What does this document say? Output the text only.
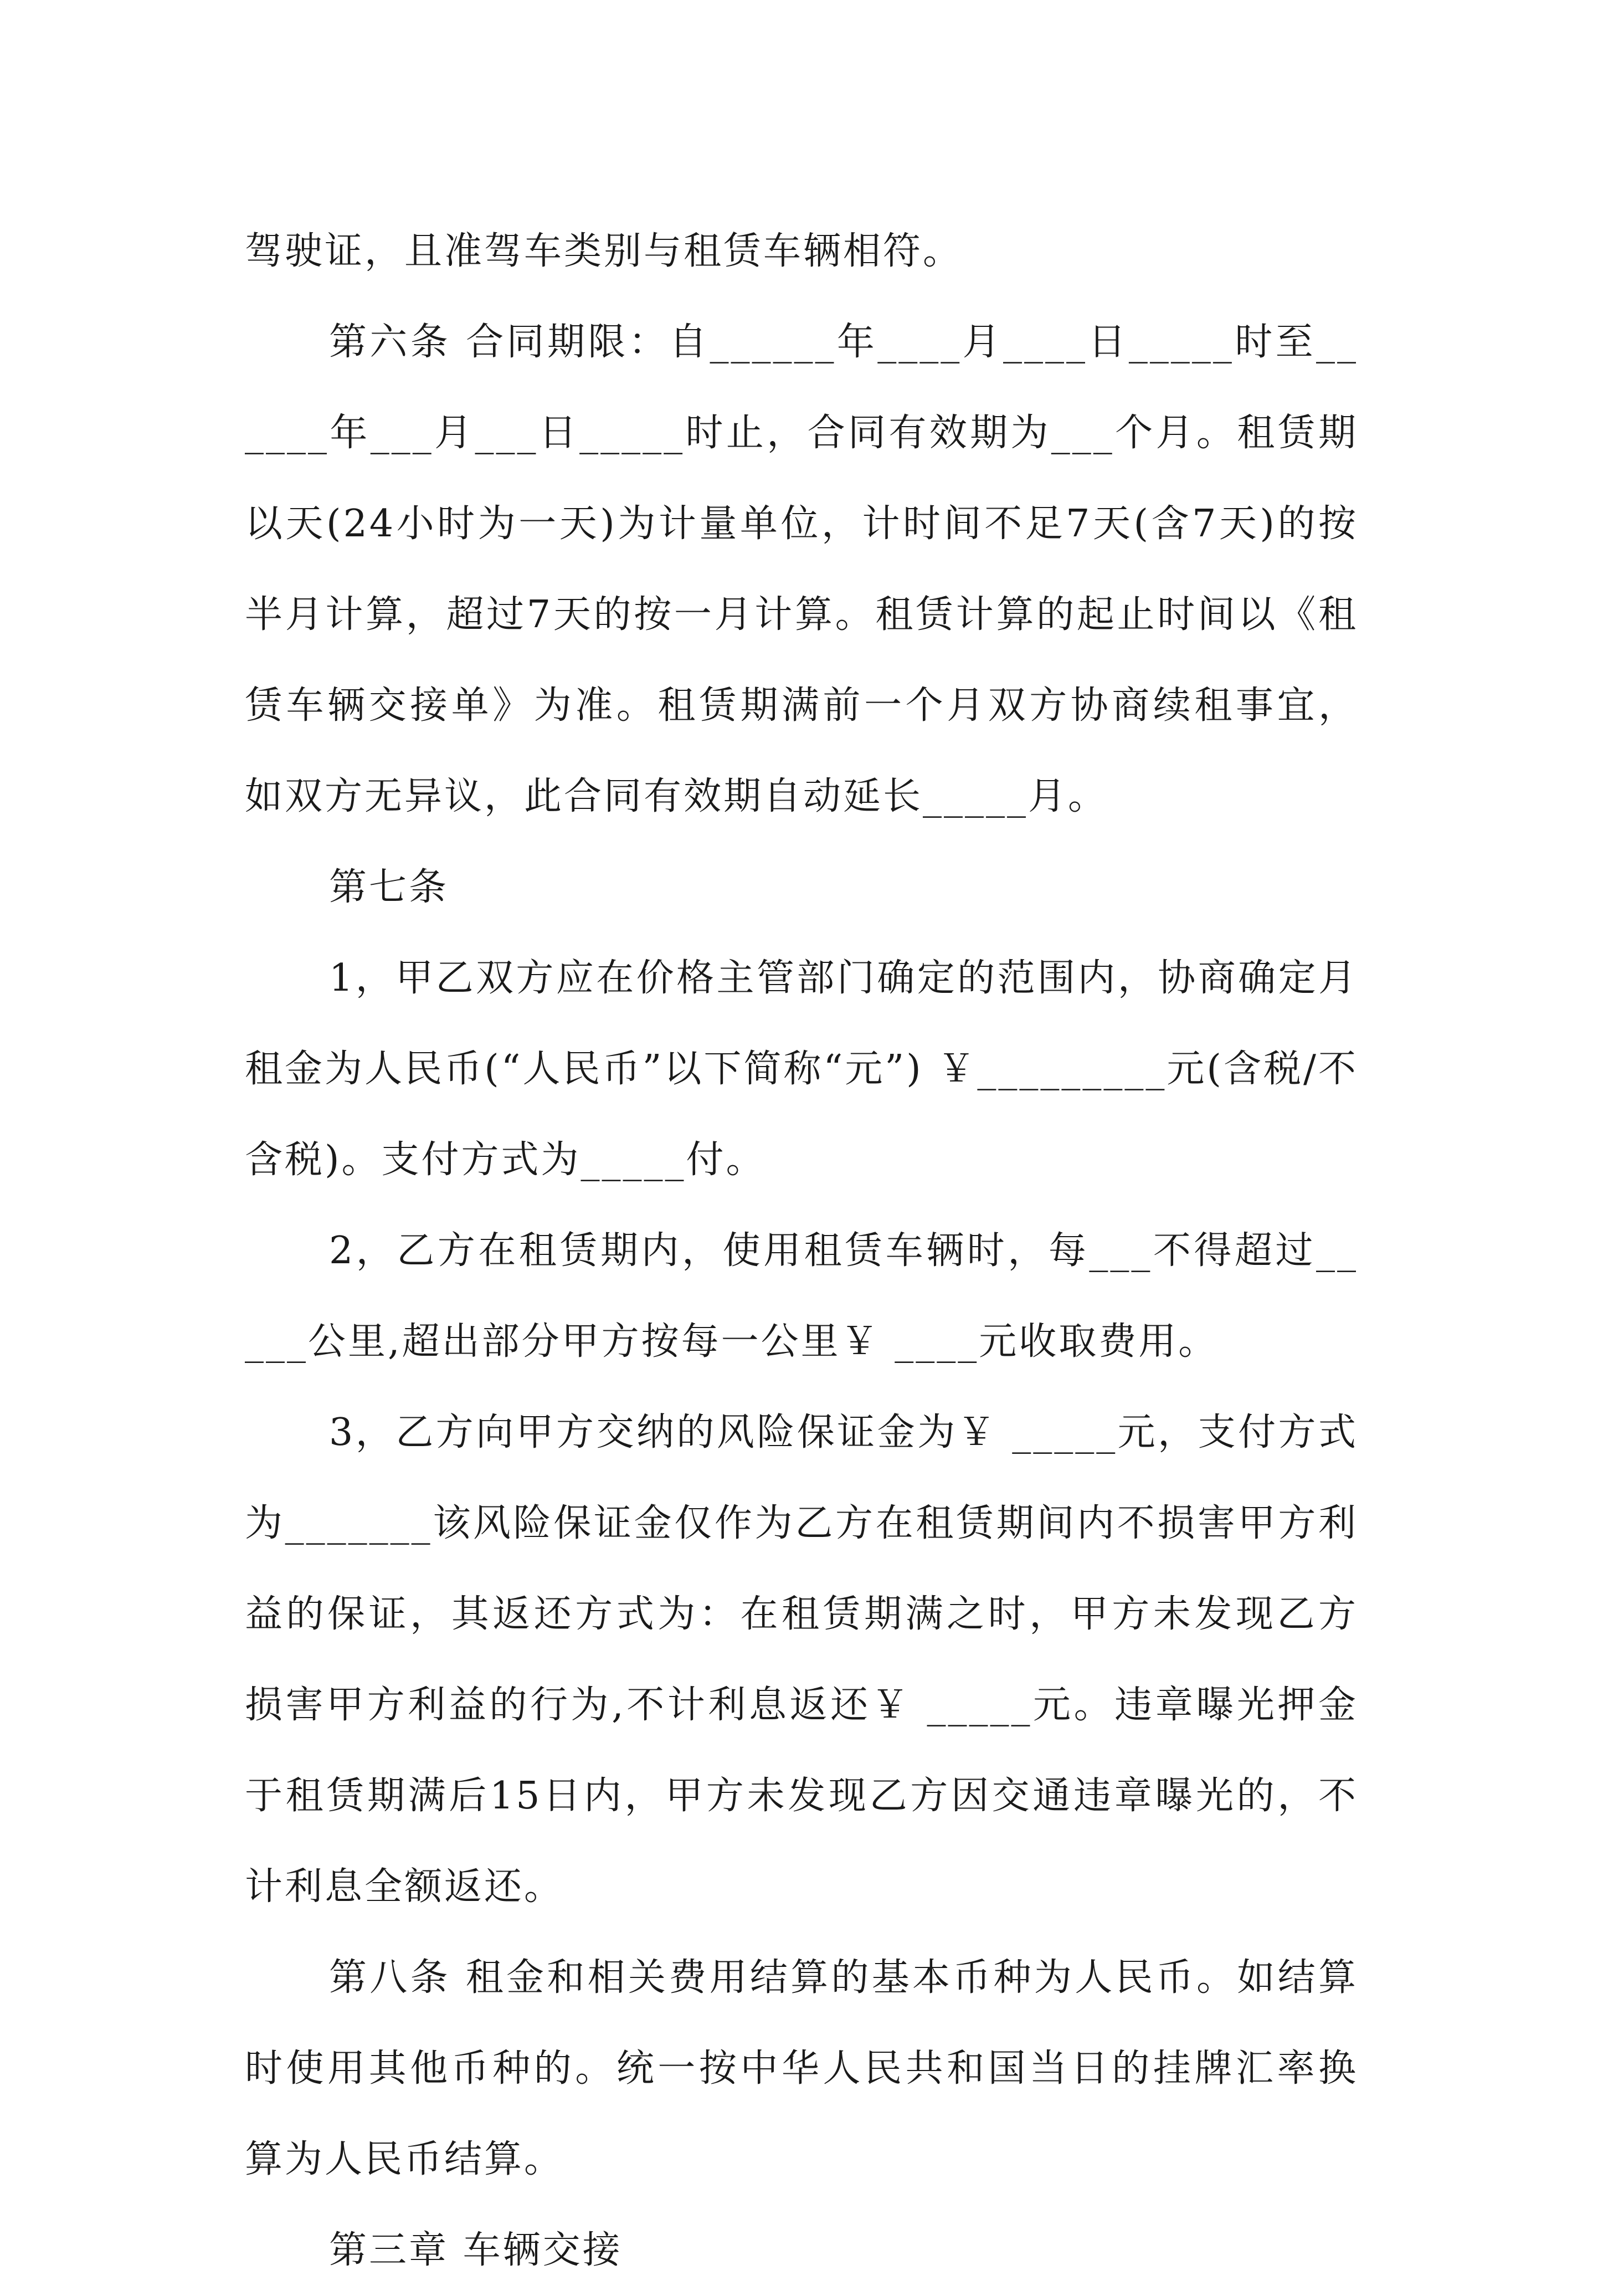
驾驶证，且准驾车类别与租赁车辆相符。

第六条 合同期限：自______年____月____日_____时至______年___月___日_____时止，合同有效期为___个月。租赁期以天(24小时为一天)为计量单位，计时间不足7天(含7天)的按半月计算，超过7天的按一月计算。租赁计算的起止时间以《租赁车辆交接单》为准。租赁期满前一个月双方协商续租事宜，如双方无异议，此合同有效期自动延长_____月。

第七条

1，甲乙双方应在价格主管部门确定的范围内，协商确定月租金为人民币(“人民币”以下简称“元”) ￥_________元(含税/不含税)。支付方式为_____付。

2，乙方在租赁期内，使用租赁车辆时，每___不得超过_____公里,超出部分甲方按每一公里￥ ____元收取费用。

3，乙方向甲方交纳的风险保证金为￥ _____元，支付方式为_______该风险保证金仅作为乙方在租赁期间内不损害甲方利益的保证，其返还方式为：在租赁期满之时，甲方未发现乙方损害甲方利益的行为,不计利息返还￥ _____元。违章曝光押金于租赁期满后15日内，甲方未发现乙方因交通违章曝光的，不计利息全额返还。

第八条 租金和相关费用结算的基本币种为人民币。如结算时使用其他币种的。统一按中华人民共和国当日的挂牌汇率换算为人民币结算。

第三章 车辆交接
